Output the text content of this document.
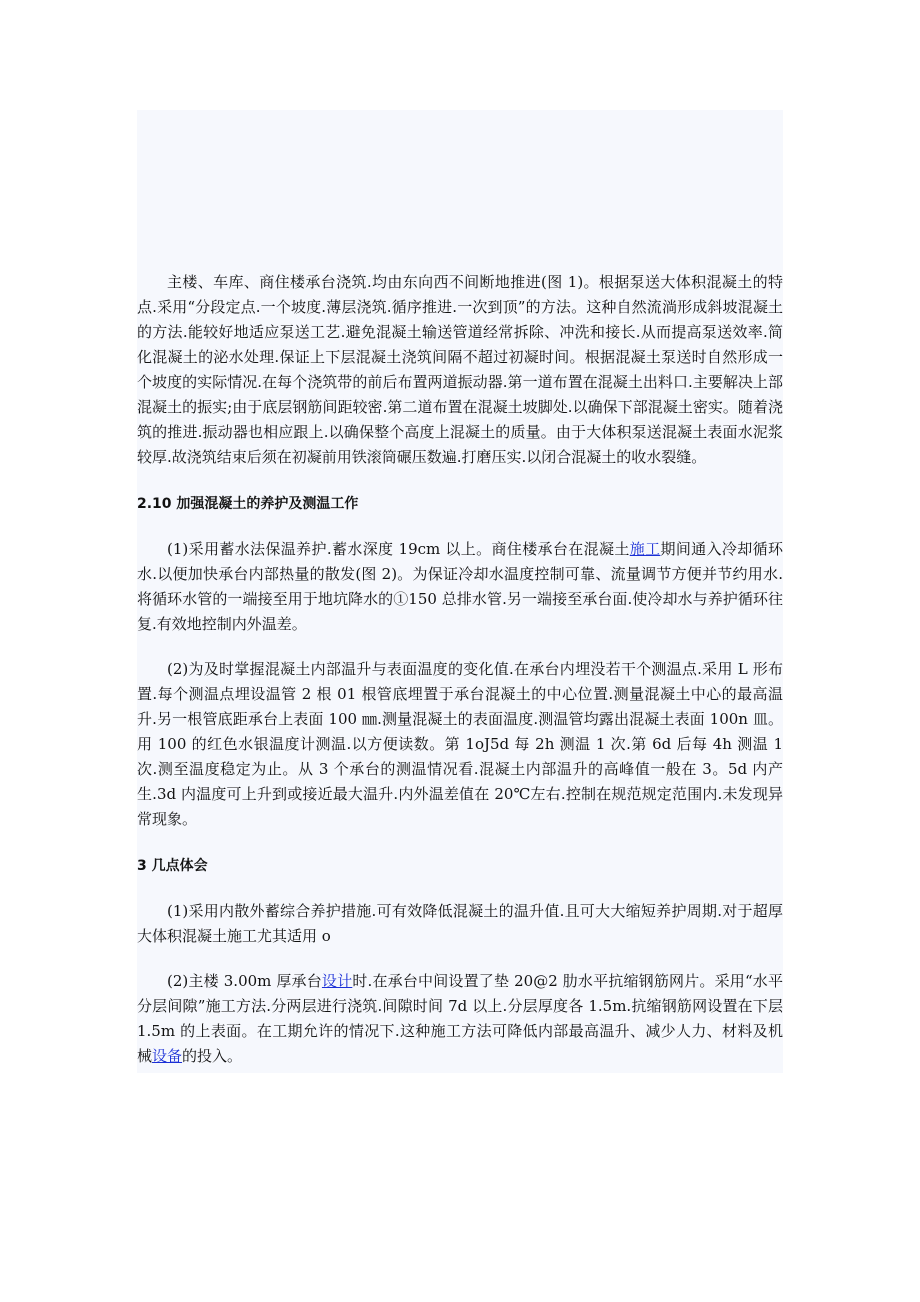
主楼、车库、商住楼承台浇筑.均由东向西不间断地推进(图 1)。根据泵送大体积混凝土的特点.采用“分段定点.一个坡度.薄层浇筑.循序推进.一次到顶”的方法。这种自然流淌形成斜坡混凝土的方法.能较好地适应泵送工艺.避免混凝土输送管道经常拆除、冲洗和接长.从而提高泵送效率.简化混凝土的泌水处理.保证上下层混凝土浇筑间隔不超过初凝时间。根据混凝土泵送时自然形成一个坡度的实际情况.在每个浇筑带的前后布置两道振动器.第一道布置在混凝土出料口.主要解决上部混凝土的振实;由于底层钢筋间距较密.第二道布置在混凝土坡脚处.以确保下部混凝土密实。随着浇筑的推进.振动器也相应跟上.以确保整个高度上混凝土的质量。由于大体积泵送混凝土表面水泥浆较厚.故浇筑结束后须在初凝前用铁滚筒碾压数遍.打磨压实.以闭合混凝土的收水裂缝。

2.10 加强混凝土的养护及测温工作

(1)采用蓄水法保温养护.蓄水深度 19cm 以上。商住楼承台在混凝土施工期间通入冷却循环水.以便加快承台内部热量的散发(图 2)。为保证冷却水温度控制可靠、流量调节方便并节约用水.将循环水管的一端接至用于地坑降水的①150 总排水管.另一端接至承台面.使冷却水与养护循环往复.有效地控制内外温差。

(2)为及时掌握混凝土内部温升与表面温度的变化值.在承台内埋没若干个测温点.采用 L 形布置.每个测温点埋设温管 2 根 01 根管底埋置于承台混凝土的中心位置.测量混凝土中心的最高温升.另一根管底距承台上表面 100 ㎜.测量混凝土的表面温度.测温管均露出混凝土表面 100n 皿。用 100 的红色水银温度计测温.以方便读数。第 1oJ5d 每 2h 测温 1 次.第 6d 后每 4h 测温 1 次.测至温度稳定为止。从 3 个承台的测温情况看.混凝土内部温升的高峰值一般在 3。5d 内产生.3d 内温度可上升到或接近最大温升.内外温差值在 20℃左右.控制在规范规定范围内.未发现异常现象。

3 几点体会

(1)采用内散外蓄综合养护措施.可有效降低混凝土的温升值.且可大大缩短养护周期.对于超厚大体积混凝土施工尤其适用 o

(2)主楼 3.00m 厚承台设计时.在承台中间设置了垫 20@2 肋水平抗缩钢筋网片。采用“水平分层间隙”施工方法.分两层进行浇筑.间隙时间 7d 以上.分层厚度各 1.5m.抗缩钢筋网设置在下层 1.5m 的上表面。在工期允许的情况下.这种施工方法可降低内部最高温升、减少人力、材料及机械设备的投入。
